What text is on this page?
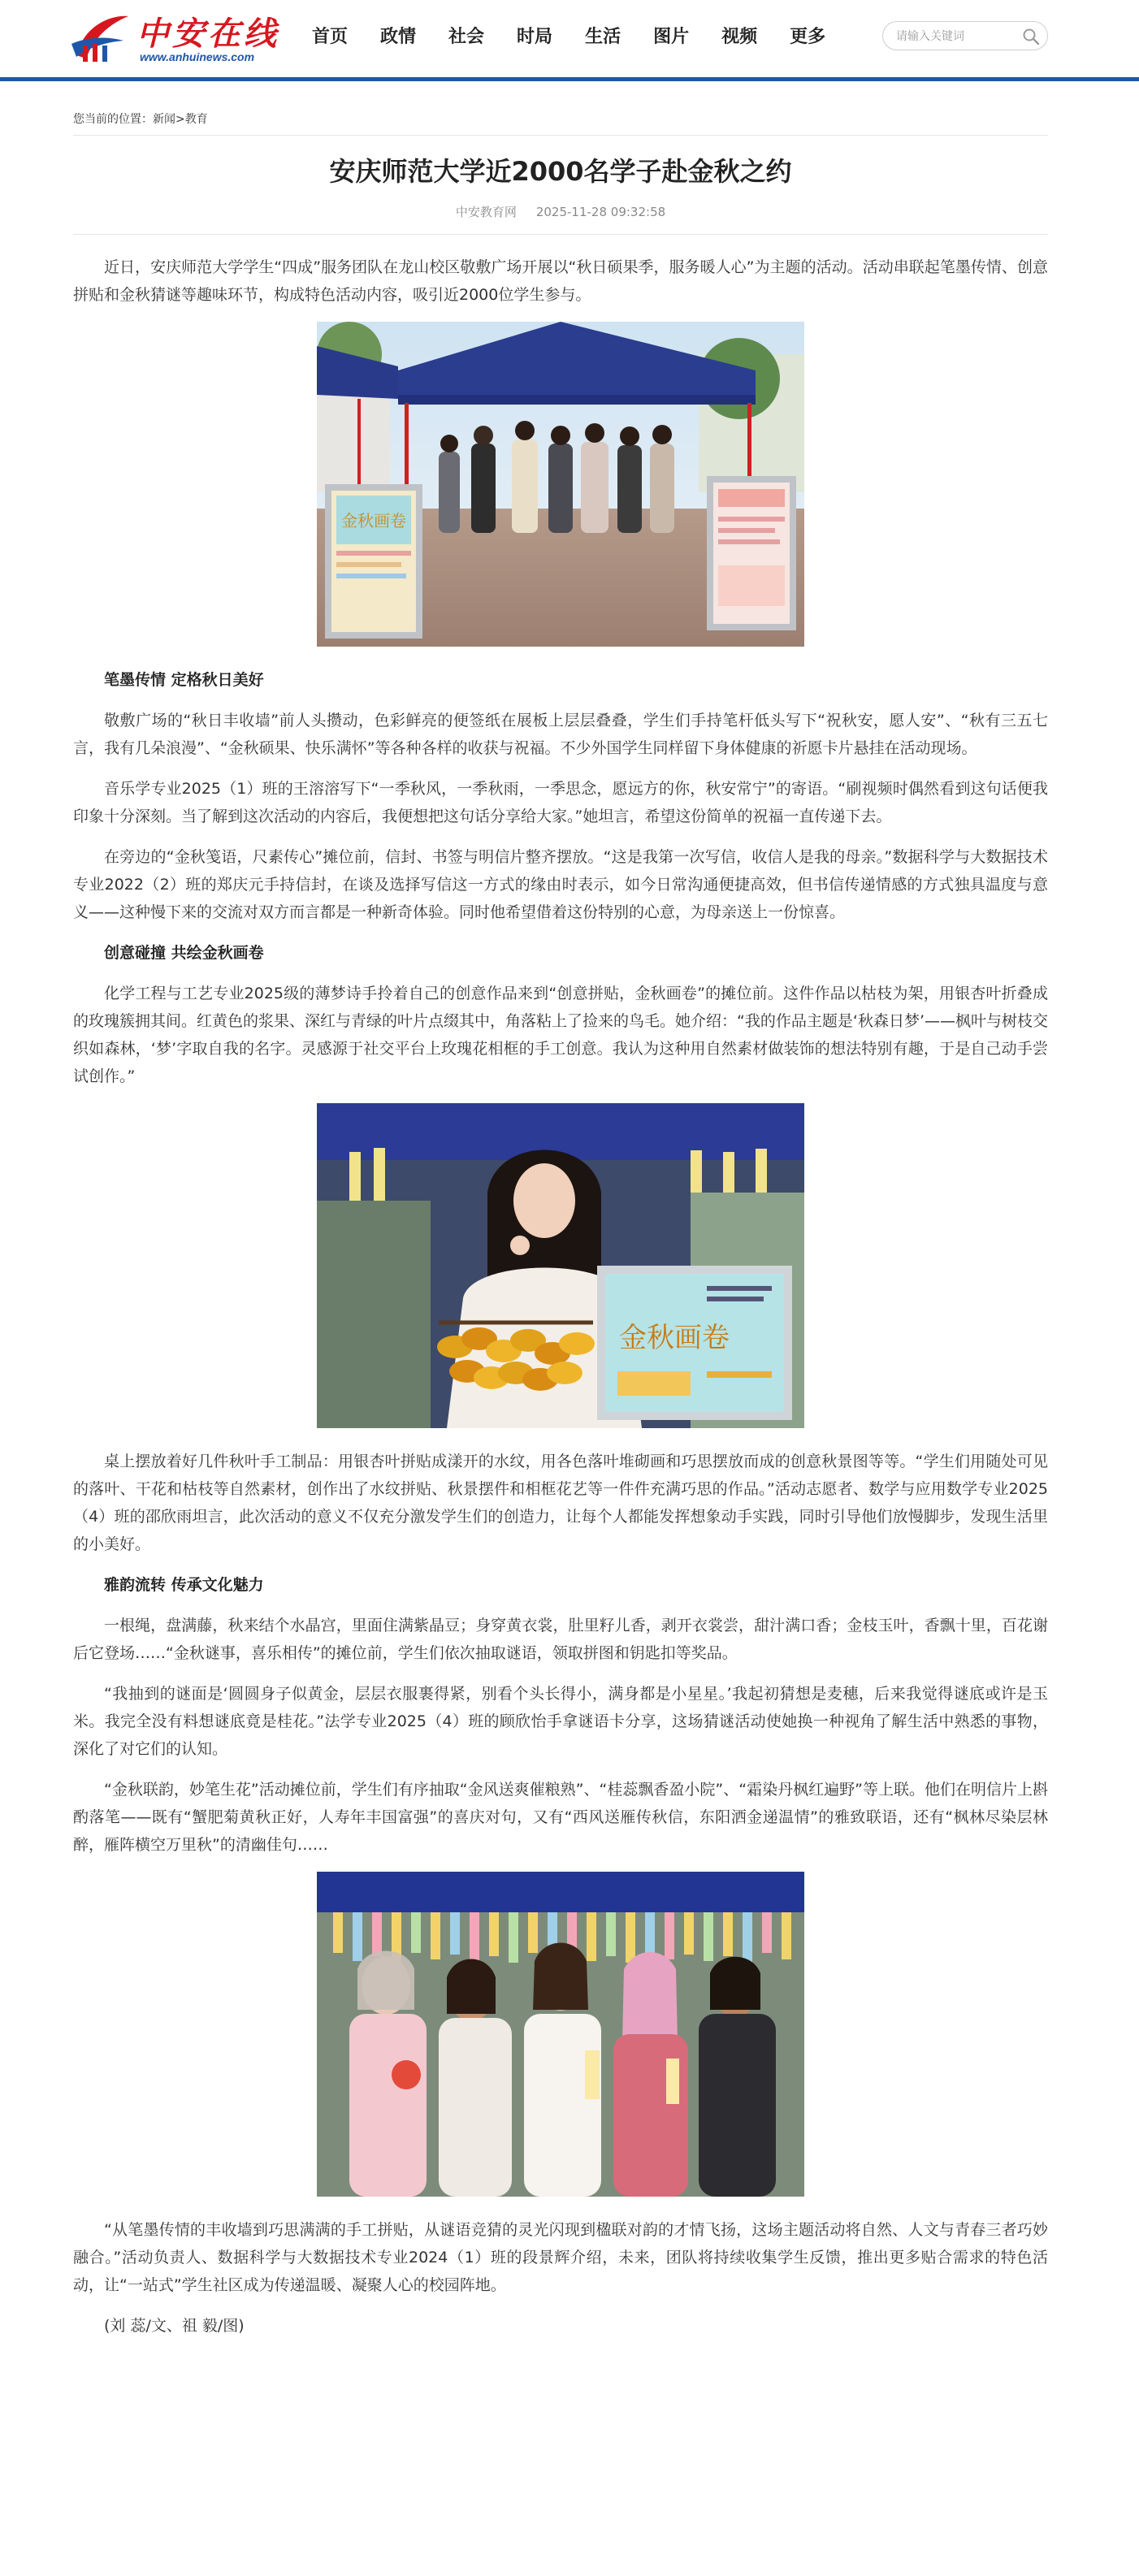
中安在线
www.anhuinews.com
首页 政情 社会 时局 生活 图片 视频 更多
请输入关键词
您当前的位置：新闻>教育
安庆师范大学近2000名学子赴金秋之约
中安教育网 2025-11-28 09:32:58

近日，安庆师范大学学生“四成”服务团队在龙山校区敬敷广场开展以“秋日硕果季，服务暖人心”为主题的活动。活动串联起笔墨传情、创意拼贴和金秋猜谜等趣味环节，构成特色活动内容，吸引近2000位学生参与。

金秋画卷

笔墨传情 定格秋日美好

敬敷广场的“秋日丰收墙”前人头攒动，色彩鲜亮的便签纸在展板上层层叠叠，学生们手持笔杆低头写下“祝秋安，愿人安”、“秋有三五七言，我有几朵浪漫”、“金秋硕果、快乐满怀”等各种各样的收获与祝福。不少外国学生同样留下身体健康的祈愿卡片悬挂在活动现场。

音乐学专业2025（1）班的王溶溶写下“一季秋风，一季秋雨，一季思念，愿远方的你，秋安常宁”的寄语。“刷视频时偶然看到这句话便我印象十分深刻。当了解到这次活动的内容后，我便想把这句话分享给大家。”她坦言，希望这份简单的祝福一直传递下去。

在旁边的“金秋笺语，尺素传心”摊位前，信封、书签与明信片整齐摆放。“这是我第一次写信，收信人是我的母亲。”数据科学与大数据技术专业2022（2）班的郑庆元手持信封，在谈及选择写信这一方式的缘由时表示，如今日常沟通便捷高效，但书信传递情感的方式独具温度与意义——这种慢下来的交流对双方而言都是一种新奇体验。同时他希望借着这份特别的心意，为母亲送上一份惊喜。

创意碰撞 共绘金秋画卷

化学工程与工艺专业2025级的薄梦诗手拎着自己的创意作品来到“创意拼贴，金秋画卷”的摊位前。这件作品以枯枝为架，用银杏叶折叠成的玫瑰簇拥其间。红黄色的浆果、深红与青绿的叶片点缀其中，角落粘上了捡来的鸟毛。她介绍：“我的作品主题是‘秋森日梦’——枫叶与树枝交织如森林，‘梦’字取自我的名字。灵感源于社交平台上玫瑰花相框的手工创意。我认为这种用自然素材做装饰的想法特别有趣，于是自己动手尝试创作。”

金秋画卷

桌上摆放着好几件秋叶手工制品：用银杏叶拼贴成漾开的水纹，用各色落叶堆砌画和巧思摆放而成的创意秋景图等等。“学生们用随处可见的落叶、干花和枯枝等自然素材，创作出了水纹拼贴、秋景摆件和相框花艺等一件件充满巧思的作品。”活动志愿者、数学与应用数学专业2025（4）班的邵欣雨坦言，此次活动的意义不仅充分激发学生们的创造力，让每个人都能发挥想象动手实践，同时引导他们放慢脚步，发现生活里的小美好。

雅韵流转 传承文化魅力

一根绳，盘满藤，秋来结个水晶宫，里面住满紫晶豆；身穿黄衣裳，肚里籽儿香，剥开衣裳尝，甜汁满口香；金枝玉叶，香飘十里，百花谢后它登场……“金秋谜事，喜乐相传”的摊位前，学生们依次抽取谜语，领取拼图和钥匙扣等奖品。

“我抽到的谜面是‘圆圆身子似黄金，层层衣服裹得紧，别看个头长得小，满身都是小星星。’我起初猜想是麦穗，后来我觉得谜底或许是玉米。我完全没有料想谜底竟是桂花。”法学专业2025（4）班的顾欣怡手拿谜语卡分享，这场猜谜活动使她换一种视角了解生活中熟悉的事物，深化了对它们的认知。

“金秋联韵，妙笔生花”活动摊位前，学生们有序抽取“金风送爽催粮熟”、“桂蕊飘香盈小院”、“霜染丹枫红遍野”等上联。他们在明信片上斟酌落笔——既有“蟹肥菊黄秋正好，人寿年丰国富强”的喜庆对句，又有“西风送雁传秋信，东阳洒金递温情”的雅致联语，还有“枫林尽染层林醉，雁阵横空万里秋”的清幽佳句……

“从笔墨传情的丰收墙到巧思满满的手工拼贴，从谜语竞猜的灵光闪现到楹联对韵的才情飞扬，这场主题活动将自然、人文与青春三者巧妙融合。”活动负责人、数据科学与大数据技术专业2024（1）班的段景辉介绍，未来，团队将持续收集学生反馈，推出更多贴合需求的特色活动，让“一站式”学生社区成为传递温暖、凝聚人心的校园阵地。

(刘 蕊/文、祖 毅/图)
